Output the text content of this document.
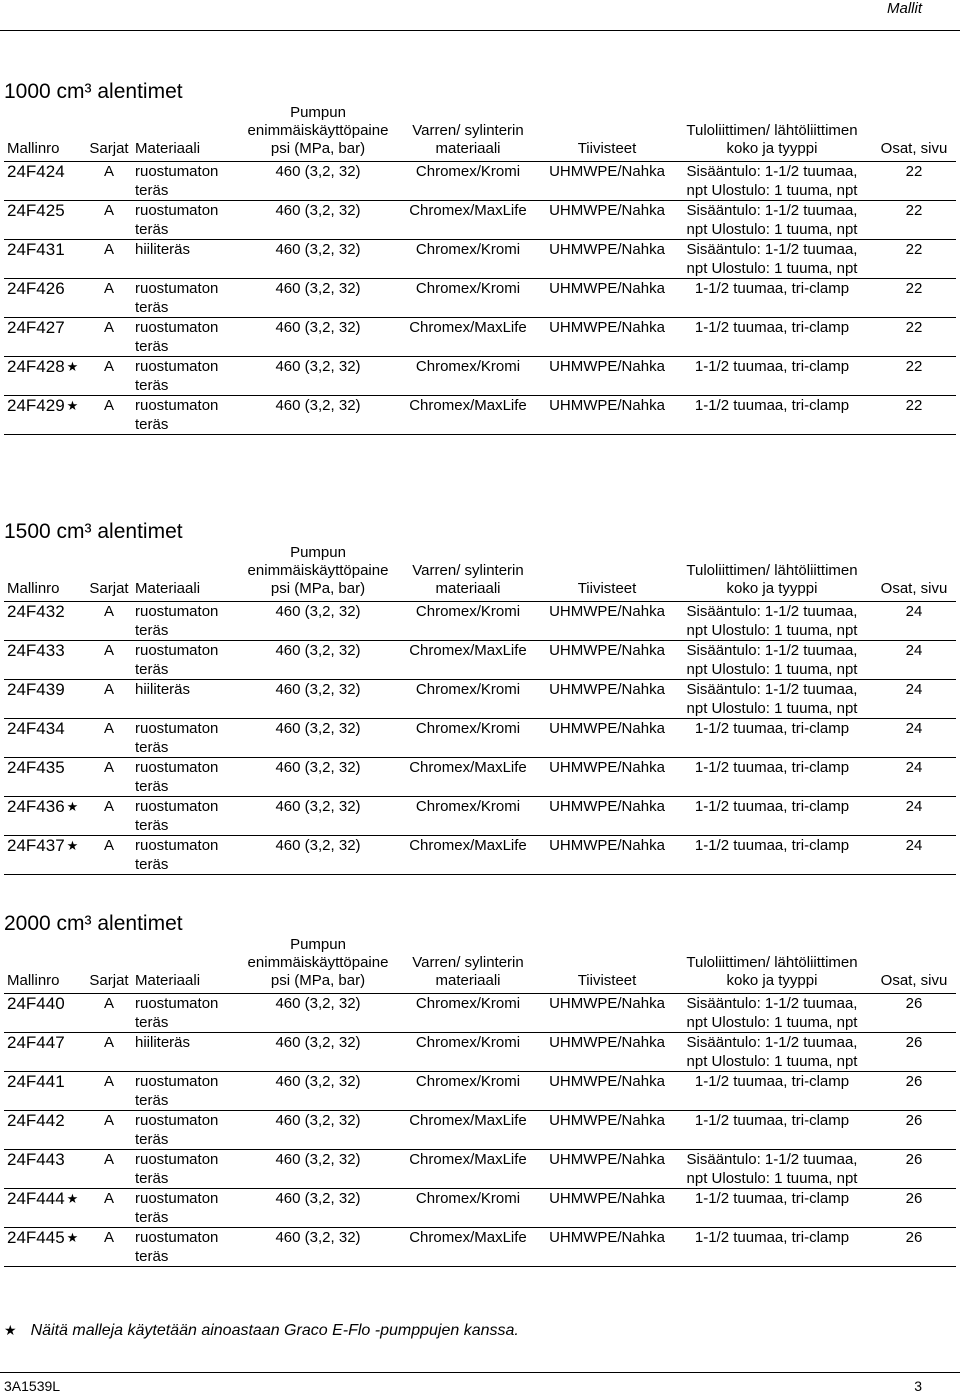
Mallit
1000 cm³ alentimet
Mallinro	Sarjat	Materiaali	Pumpun enimmäiskäyttöpaine psi (MPa, bar)	Varren/ sylinterin materiaali	Tiivisteet	Tuloliittimen/ lähtöliittimen koko ja tyyppi	Osat, sivu
24F424	A	ruostumaton teräs	460 (3,2, 32)	Chromex/Kromi	UHMWPE/Nahka	Sisääntulo: 1-1/2 tuumaa, npt Ulostulo: 1 tuuma, npt	22
24F425	A	ruostumaton teräs	460 (3,2, 32)	Chromex/MaxLife	UHMWPE/Nahka	Sisääntulo: 1-1/2 tuumaa, npt Ulostulo: 1 tuuma, npt	22
24F431	A	hiiliteräs	460 (3,2, 32)	Chromex/Kromi	UHMWPE/Nahka	Sisääntulo: 1-1/2 tuumaa, npt Ulostulo: 1 tuuma, npt	22
24F426	A	ruostumaton teräs	460 (3,2, 32)	Chromex/Kromi	UHMWPE/Nahka	1-1/2 tuumaa, tri-clamp	22
24F427	A	ruostumaton teräs	460 (3,2, 32)	Chromex/MaxLife	UHMWPE/Nahka	1-1/2 tuumaa, tri-clamp	22
24F428 ★	A	ruostumaton teräs	460 (3,2, 32)	Chromex/Kromi	UHMWPE/Nahka	1-1/2 tuumaa, tri-clamp	22
24F429 ★	A	ruostumaton teräs	460 (3,2, 32)	Chromex/MaxLife	UHMWPE/Nahka	1-1/2 tuumaa, tri-clamp	22
1500 cm³ alentimet
Mallinro	Sarjat	Materiaali	Pumpun enimmäiskäyttöpaine psi (MPa, bar)	Varren/ sylinterin materiaali	Tiivisteet	Tuloliittimen/ lähtöliittimen koko ja tyyppi	Osat, sivu
24F432	A	ruostumaton teräs	460 (3,2, 32)	Chromex/Kromi	UHMWPE/Nahka	Sisääntulo: 1-1/2 tuumaa, npt Ulostulo: 1 tuuma, npt	24
24F433	A	ruostumaton teräs	460 (3,2, 32)	Chromex/MaxLife	UHMWPE/Nahka	Sisääntulo: 1-1/2 tuumaa, npt Ulostulo: 1 tuuma, npt	24
24F439	A	hiiliteräs	460 (3,2, 32)	Chromex/Kromi	UHMWPE/Nahka	Sisääntulo: 1-1/2 tuumaa, npt Ulostulo: 1 tuuma, npt	24
24F434	A	ruostumaton teräs	460 (3,2, 32)	Chromex/Kromi	UHMWPE/Nahka	1-1/2 tuumaa, tri-clamp	24
24F435	A	ruostumaton teräs	460 (3,2, 32)	Chromex/MaxLife	UHMWPE/Nahka	1-1/2 tuumaa, tri-clamp	24
24F436 ★	A	ruostumaton teräs	460 (3,2, 32)	Chromex/Kromi	UHMWPE/Nahka	1-1/2 tuumaa, tri-clamp	24
24F437 ★	A	ruostumaton teräs	460 (3,2, 32)	Chromex/MaxLife	UHMWPE/Nahka	1-1/2 tuumaa, tri-clamp	24
2000 cm³ alentimet
Mallinro	Sarjat	Materiaali	Pumpun enimmäiskäyttöpaine psi (MPa, bar)	Varren/ sylinterin materiaali	Tiivisteet	Tuloliittimen/ lähtöliittimen koko ja tyyppi	Osat, sivu
24F440	A	ruostumaton teräs	460 (3,2, 32)	Chromex/Kromi	UHMWPE/Nahka	Sisääntulo: 1-1/2 tuumaa, npt Ulostulo: 1 tuuma, npt	26
24F447	A	hiiliteräs	460 (3,2, 32)	Chromex/Kromi	UHMWPE/Nahka	Sisääntulo: 1-1/2 tuumaa, npt Ulostulo: 1 tuuma, npt	26
24F441	A	ruostumaton teräs	460 (3,2, 32)	Chromex/Kromi	UHMWPE/Nahka	1-1/2 tuumaa, tri-clamp	26
24F442	A	ruostumaton teräs	460 (3,2, 32)	Chromex/MaxLife	UHMWPE/Nahka	1-1/2 tuumaa, tri-clamp	26
24F443	A	ruostumaton teräs	460 (3,2, 32)	Chromex/MaxLife	UHMWPE/Nahka	Sisääntulo: 1-1/2 tuumaa, npt Ulostulo: 1 tuuma, npt	26
24F444 ★	A	ruostumaton teräs	460 (3,2, 32)	Chromex/Kromi	UHMWPE/Nahka	1-1/2 tuumaa, tri-clamp	26
24F445 ★	A	ruostumaton teräs	460 (3,2, 32)	Chromex/MaxLife	UHMWPE/Nahka	1-1/2 tuumaa, tri-clamp	26
★ Näitä malleja käytetään ainoastaan Graco E-Flo -pumppujen kanssa.
3A1539L	3
